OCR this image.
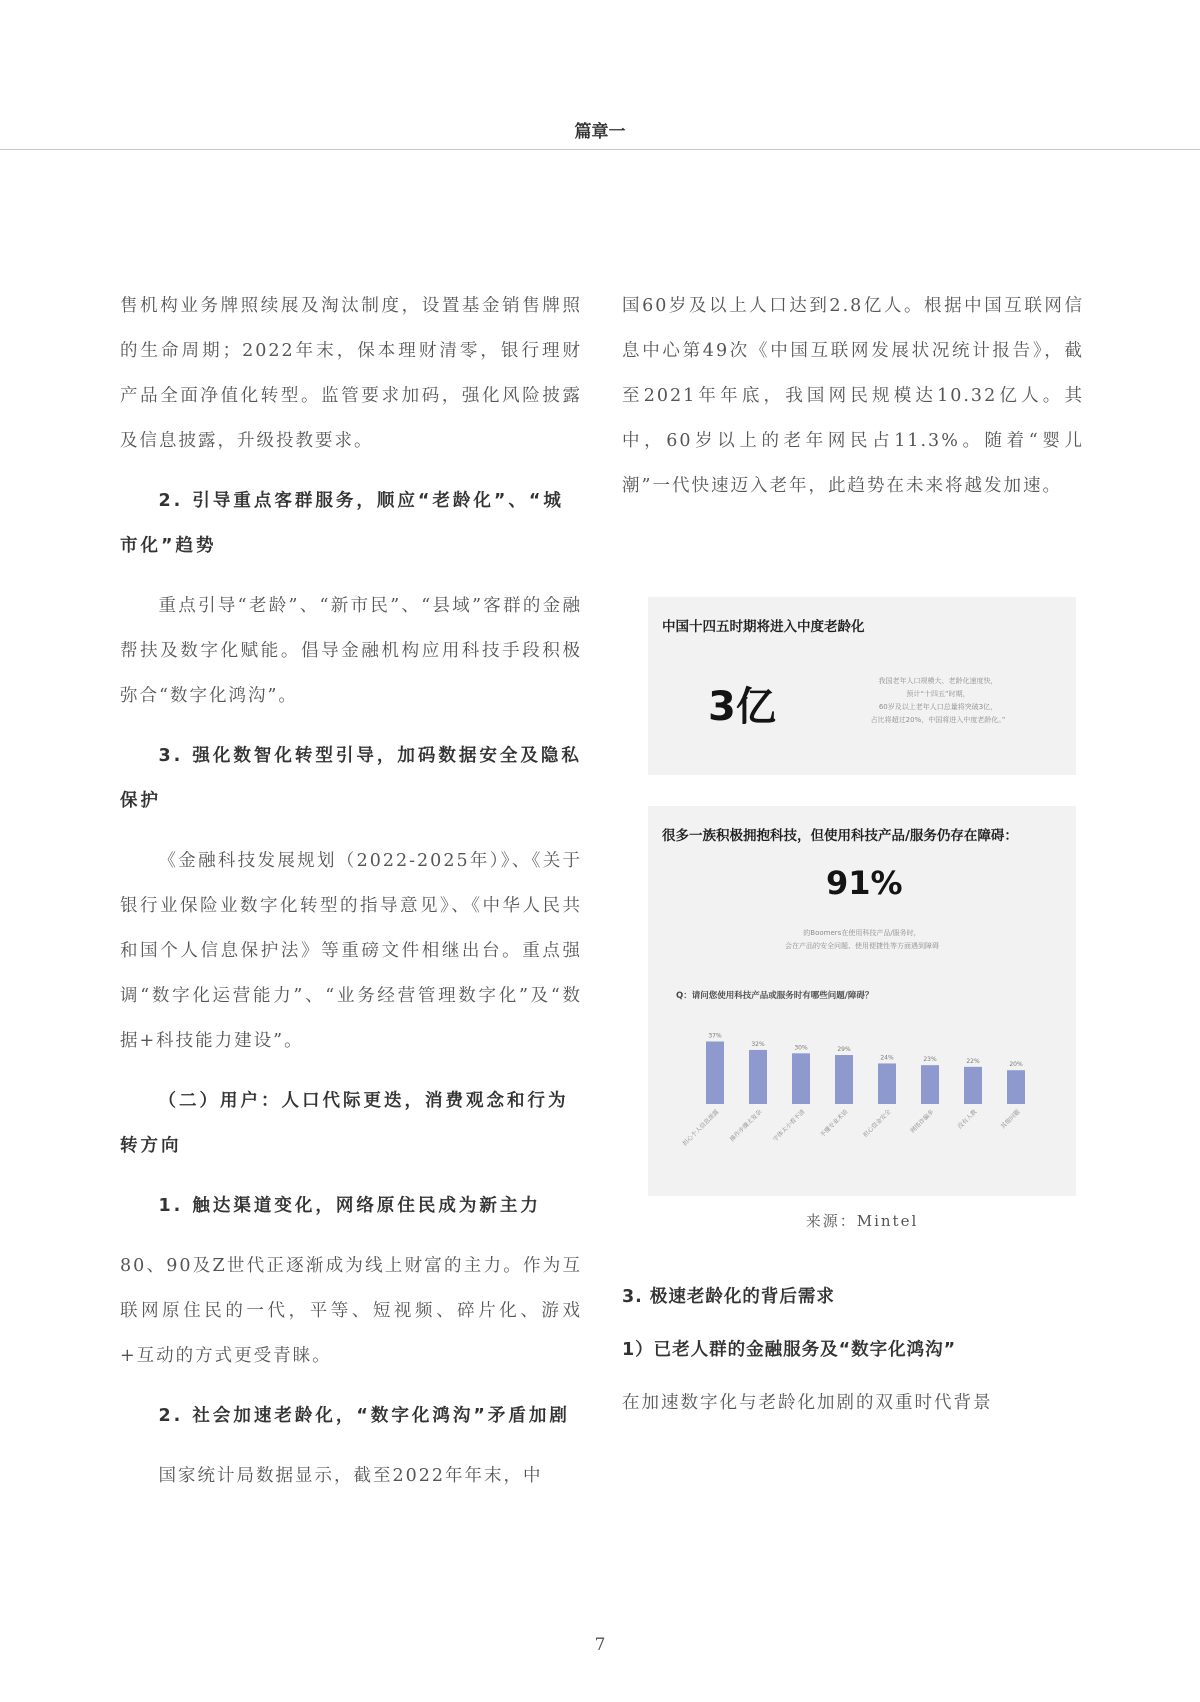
篇章一

售机构业务牌照续展及淘汰制度，设置基金销售牌照的生命周期；2022年末，保本理财清零，银行理财产品全面净值化转型。监管要求加码，强化风险披露及信息披露，升级投教要求。

2. 引导重点客群服务，顺应“老龄化”、“城市化”趋势

重点引导“老龄”、“新市民”、“县域”客群的金融帮扶及数字化赋能。倡导金融机构应用科技手段积极弥合“数字化鸿沟”。

3. 强化数智化转型引导，加码数据安全及隐私保护

《金融科技发展规划（2022-2025年）》、《关于银行业保险业数字化转型的指导意见》、《中华人民共和国个人信息保护法》等重磅文件相继出台。重点强调“数字化运营能力”、“业务经营管理数字化”及“数据+科技能力建设”。

（二）用户：人口代际更迭，消费观念和行为转方向

1. 触达渠道变化，网络原住民成为新主力

80、90及Z世代正逐渐成为线上财富的主力。作为互联网原住民的一代，平等、短视频、碎片化、游戏+互动的方式更受青睐。

2. 社会加速老龄化，“数字化鸿沟”矛盾加剧

国家统计局数据显示，截至2022年年末，中

国60岁及以上人口达到2.8亿人。根据中国互联网信息中心第49次《中国互联网发展状况统计报告》，截至2021年年底，我国网民规模达10.32亿人。其中，60岁以上的老年网民占11.3%。随着“婴儿潮”一代快速迈入老年，此趋势在未来将越发加速。

中国十四五时期将进入中度老龄化
3亿
我国老年人口规模大、老龄化速度快，
预计“十四五”时期，
60岁及以上老年人口总量将突破3亿，
占比将超过20%，中国将进入中度老龄化。”
很多一族积极拥抱科技，但使用科技产品/服务仍存在障碍：
91%
的Boomers在使用科技产品/服务时，
会在产品的安全问题、使用便捷性等方面遇到障碍
Q：请问您使用科技产品或服务时有哪些问题/障碍？
37%
担心个人信息泄露
32%
操作步骤太复杂
30%
字体太小看不清
29%
不懂专业术语
24%
担心资金安全
23%
网络诈骗多
22%
没有人教
20%
其他问题
来源：Mintel

3. 极速老龄化的背后需求

1）已老人群的金融服务及“数字化鸿沟”

在加速数字化与老龄化加剧的双重时代背景

7
